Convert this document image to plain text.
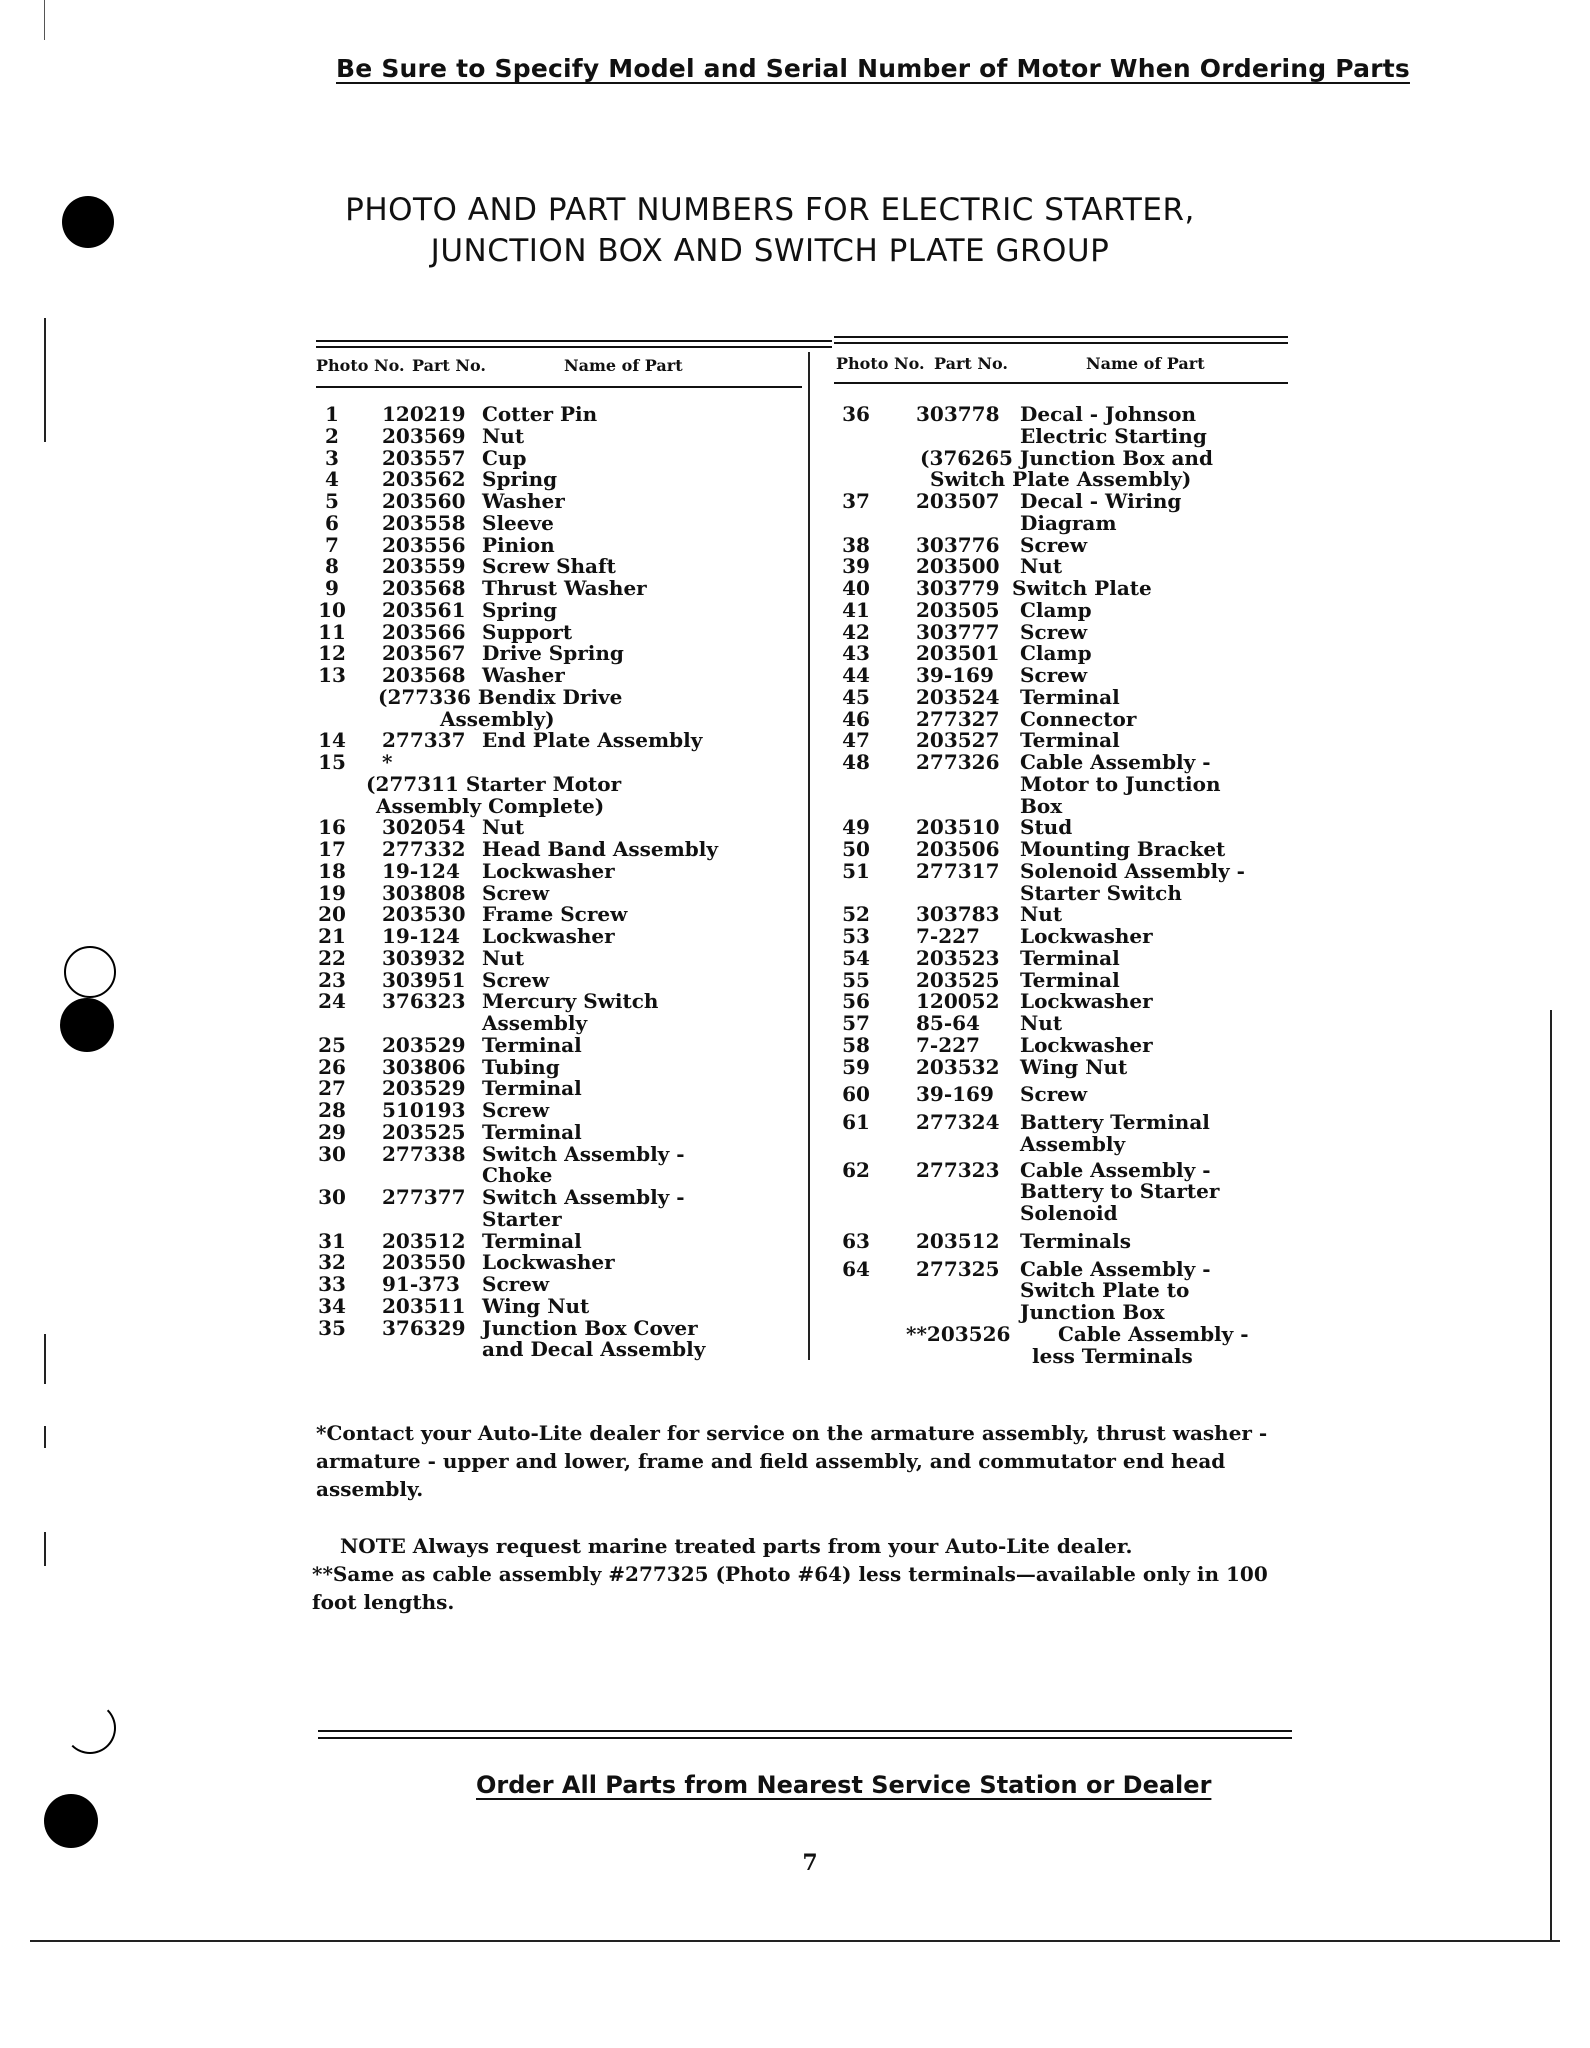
Be Sure to Specify Model and Serial Number of Motor When Ordering Parts
PHOTO AND PART NUMBERS FOR ELECTRIC STARTER,
JUNCTION BOX AND SWITCH PLATE GROUP
Photo No. Part No.	Name of Part	Photo No. Part No.	Name of Part
1	120219 Cotter Pin
2	203569 Nut
3	203557 Cup
4	203562 Spring
5	203560 Washer
6	203558 Sleeve
7	203556 Pinion
8	203559 Screw Shaft
9	203568 Thrust Washer
10 203561 Spring
11 203566 Support
12 203567 Drive Spring
13 203568 Washer
(277336 Bendix Drive
Assembly)
14 277337 End Plate Assembly
15 *
(277311 Starter Motor
Assembly Complete)
16 302054 Nut
17 277332 Head Band Assembly
18 19-124	Lockwasher
19 303808 Screw
20 203530 Frame Screw
21 19-124	Lockwasher
22 303932 Nut
23 303951 Screw
24 376323 Mercury Switch
Assembly
25 203529 Terminal
26 303806 Tubing
27 203529 Terminal
28 510193 Screw
29 203525 Terminal
30 277338 Switch Assembly -
Choke
30 277377 Switch Assembly -
Starter
31 203512 Terminal
32 203550 Lockwasher
33 91-373	Screw
34 203511 Wing Nut
35 376329 Junction Box Cover
and Decal Assembly
36	303778	Decal - Johnson
Electric Starting
(376265 Junction Box and
Switch Plate Assembly)
37	203507	Decal - Wiring
Diagram
38	303776	Screw
39	203500	Nut
40	303779 Switch Plate
41	203505	Clamp
42	303777	Screw
43	203501	Clamp
44	39-169	Screw
45	203524	Terminal
46	277327	Connector
47	203527	Terminal
48	277326	Cable Assembly -
Motor to Junction
Box
49	203510	Stud
50	203506	Mounting Bracket
51	277317	Solenoid Assembly -
Starter Switch
52	303783	Nut
53	7-227	Lockwasher
54	203523	Terminal
55	203525	Terminal
56	120052	Lockwasher
57	85-64	Nut
58	7-227	Lockwasher
59	203532	Wing Nut
60	39-169	Screw
61	277324	Battery Terminal
Assembly
62	277323	Cable Assembly -
Battery to Starter
Solenoid
63	203512	Terminals
64	277325	Cable Assembly -
Switch Plate to
Junction Box
**203526	Cable Assembly -
less Terminals
*Contact your Auto-Lite dealer for service on the armature assembly, thrust washer - armature - upper and lower, frame and field assembly, and commutator end head assembly.
NOTE Always request marine treated parts from your Auto-Lite dealer.
**Same as cable assembly #277325 (Photo #64) less terminals—available only in 100 foot lengths.
Order All Parts from Nearest Service Station or Dealer
7
